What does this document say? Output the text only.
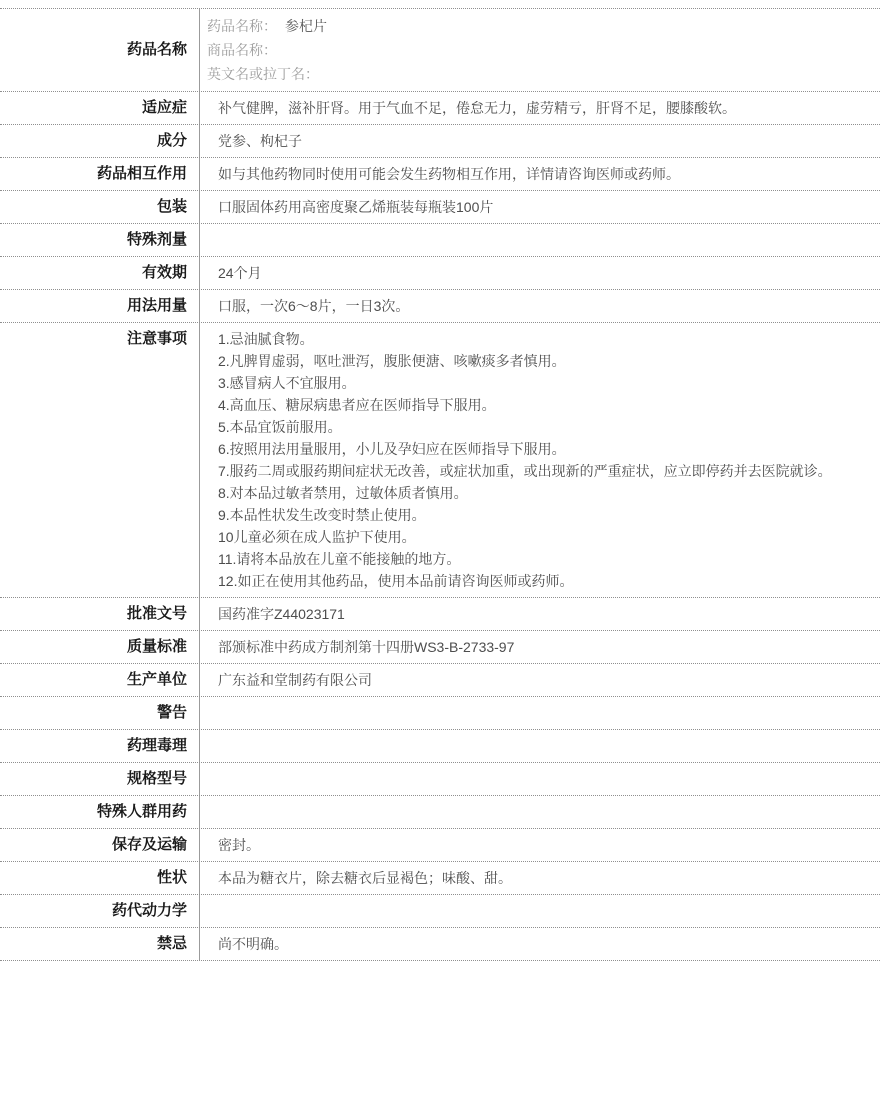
药品名称
药品名称： 参杞片
商品名称：
英文名或拉丁名：
适应症	补气健脾，滋补肝肾。用于气血不足，倦怠无力，虚劳精亏，肝肾不足，腰膝酸软。
成分	党参、枸杞子
药品相互作用	如与其他药物同时使用可能会发生药物相互作用，详情请咨询医师或药师。
包装	口服固体药用高密度聚乙烯瓶装每瓶装100片
特殊剂量
有效期	24个月
用法用量	口服，一次6～8片，一日3次。
注意事项	1.忌油腻食物。
2.凡脾胃虚弱，呕吐泄泻，腹胀便溏、咳嗽痰多者慎用。
3.感冒病人不宜服用。
4.高血压、糖尿病患者应在医师指导下服用。
5.本品宜饭前服用。
6.按照用法用量服用，小儿及孕妇应在医师指导下服用。
7.服药二周或服药期间症状无改善，或症状加重，或出现新的严重症状，应立即停药并去医院就诊。
8.对本品过敏者禁用，过敏体质者慎用。
9.本品性状发生改变时禁止使用。
10儿童必须在成人监护下使用。
11.请将本品放在儿童不能接触的地方。
12.如正在使用其他药品，使用本品前请咨询医师或药师。
批准文号	国药准字Z44023171
质量标准	部颁标准中药成方制剂第十四册WS3-B-2733-97
生产单位	广东益和堂制药有限公司
警告
药理毒理
规格型号
特殊人群用药
保存及运输	密封。
性状	本品为糖衣片，除去糖衣后显褐色；味酸、甜。
药代动力学
禁忌	尚不明确。
